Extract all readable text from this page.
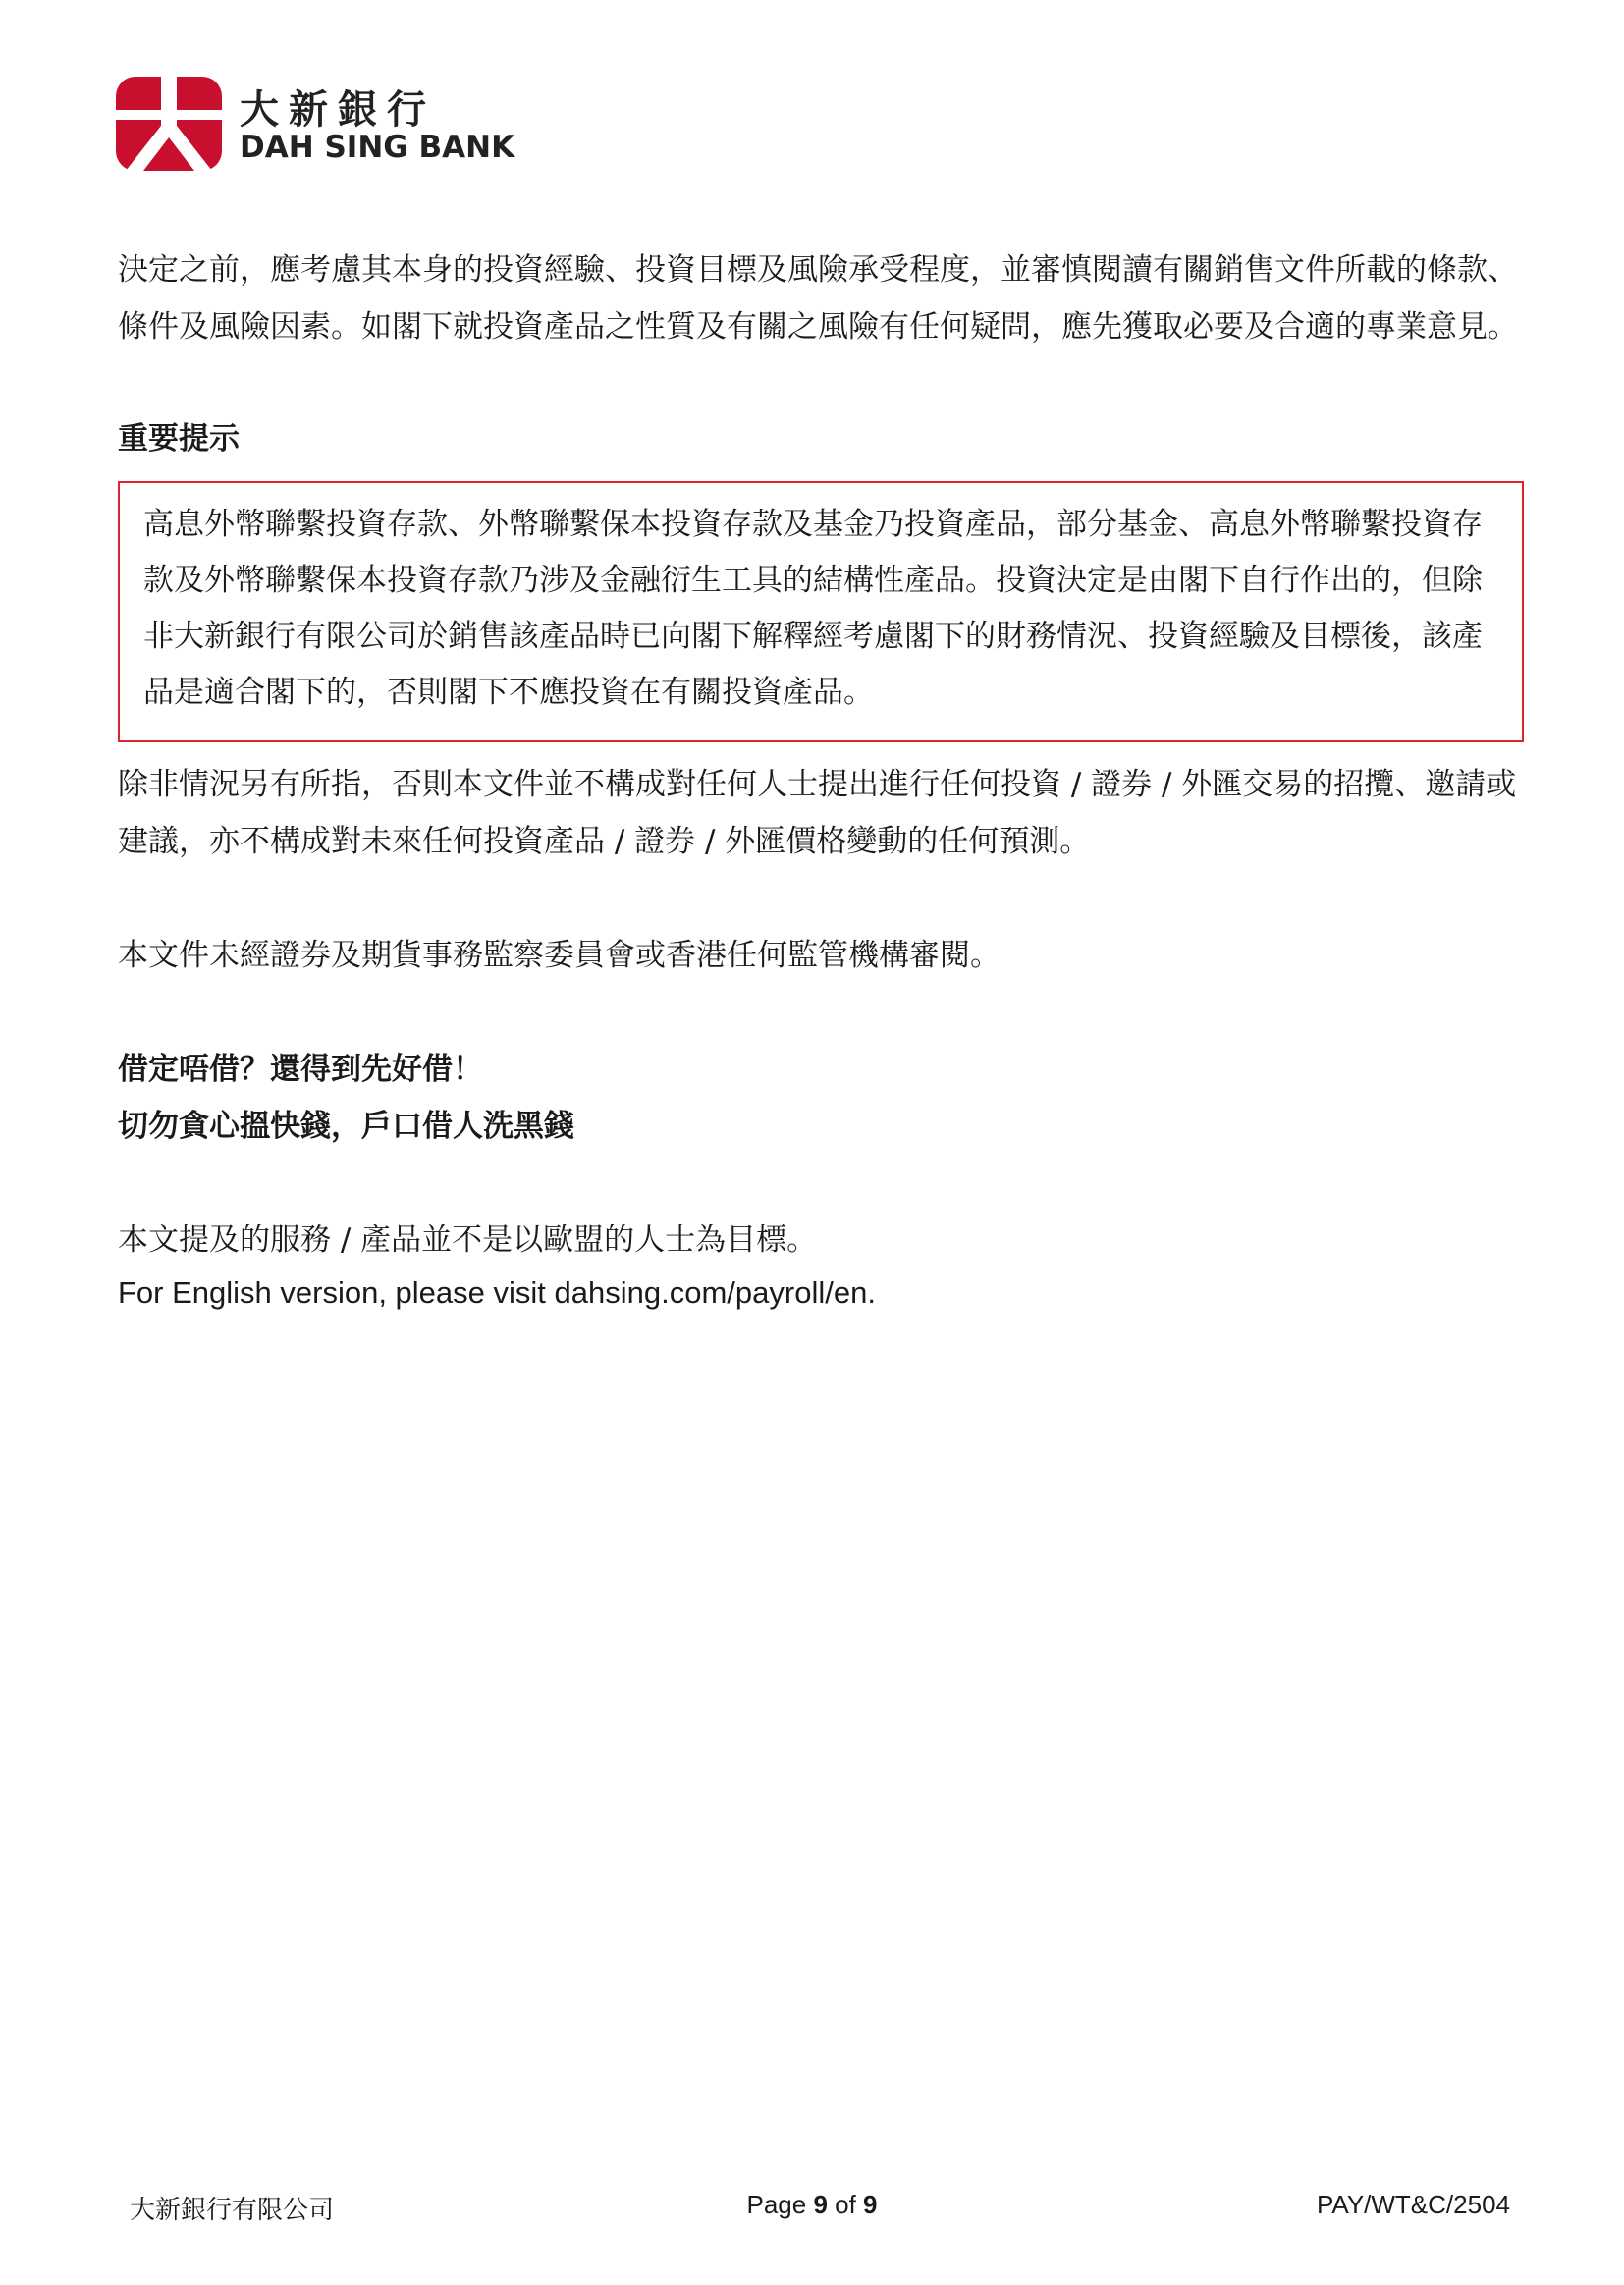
大新銀行
DAH SING BANK

決定之前，應考慮其本身的投資經驗、投資目標及風險承受程度，並審慎閱讀有關銷售文件所載的條款、條件及風險因素。如閣下就投資產品之性質及有關之風險有任何疑問，應先獲取必要及合適的專業意見。

重要提示

高息外幣聯繫投資存款、外幣聯繫保本投資存款及基金乃投資產品，部分基金、高息外幣聯繫投資存款及外幣聯繫保本投資存款乃涉及金融衍生工具的結構性產品。投資決定是由閣下自行作出的，但除非大新銀行有限公司於銷售該產品時已向閣下解釋經考慮閣下的財務情況、投資經驗及目標後，該產品是適合閣下的，否則閣下不應投資在有關投資產品。

除非情況另有所指，否則本文件並不構成對任何人士提出進行任何投資 / 證券 / 外匯交易的招攬、邀請或建議，亦不構成對未來任何投資產品 / 證券 / 外匯價格變動的任何預測。

本文件未經證券及期貨事務監察委員會或香港任何監管機構審閱。

借定唔借？還得到先好借！

切勿貪心搵快錢，戶口借人洗黑錢

本文提及的服務 / 產品並不是以歐盟的人士為目標。

For English version, please visit dahsing.com/payroll/en.

大新銀行有限公司	Page 9 of 9	PAY/WT&C/2504
